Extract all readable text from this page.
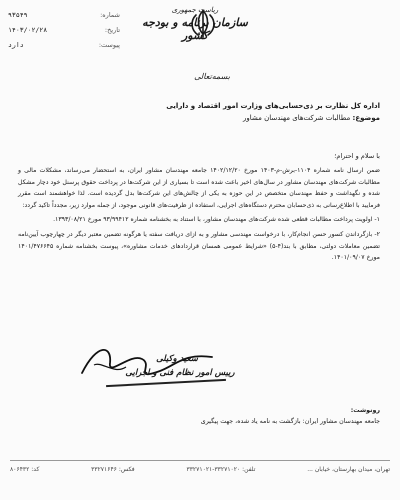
ریاست جمهوری
سازمان برنامه و بودجه کشور
شماره:
۹۳۵۴۹
تاریخ:
۱۴۰۳/۰۲/۲۸
پیوست:
دارد
بسمه‌تعالی
اداره کل نظارت بر ذی‌حسابی‌های وزارت امور اقتصاد و دارایی
موضوع: مطالبات شرکت‌های مهندسان مشاور
با سلام و احترام؛

ضمن ارسال نامه شماره ۱۱۰۴-برش-م-۱۴۰۳ مورخ ۱۴۰۲/۱۲/۲۰ جامعه مهندسان مشاور ایران، به استحضار می‌رساند، مشکلات مالی و مطالبات شرکت‌های مهندسان مشاور در سال‌های اخیر باعث شده است تا بسیاری از این شرکت‌ها در پرداخت حقوق پرسنل خود دچار مشکل شده و نگهداشت و حفظ مهندسان متخصص در این حوزه به یکی از چالش‌های این شرکت‌ها بدل گردیده است. لذا خواهشمند است مقرر فرمایید با اطلاع‌رسانی به ذی‌حسابان محترم دستگاه‌های اجرایی، استفاده از ظرفیت‌های قانونی موجود، از جمله موارد زیر، مجدداً تاکید گردد:

۱- اولویت پرداخت مطالبات قطعی شده شرکت‌های مهندسان مشاور، با استناد به بخشنامه شماره ۹۳/۹۹۴۱۲ مورخ ۱۳۹۳/۰۸/۲۱.

۲- بازگرداندن کسور حسن انجام‌کار، با درخواست مهندسی مشاور و به ازای دریافت سفته یا هرگونه تضمین معتبر دیگر در چهارچوب آیین‌نامه تضمین معاملات دولتی، مطابق با بند(۴-۵) «شرایط عمومی همسان قراردادهای خدمات مشاوره»، پیوست بخشنامه شماره ۱۴۰۱/۴۷۶۶۴۵ مورخ ۱۴۰۱/۰۹/۰۷.

سعید وکیلی
رییس امور نظام فنی و اجرایی
رونوشت:
جامعه مهندسان مشاور ایران: بازگشت به نامه یاد شده، جهت پیگیری
تهران، میدان بهارستان، خیابان ...
تلفن: ۳۳۲۷۱۰۲۰-۳۳۲۷۱۰۲۱
فکس: ۳۳۲۷۱۶۴۶
کد: ۸۰۶۴۳۲
